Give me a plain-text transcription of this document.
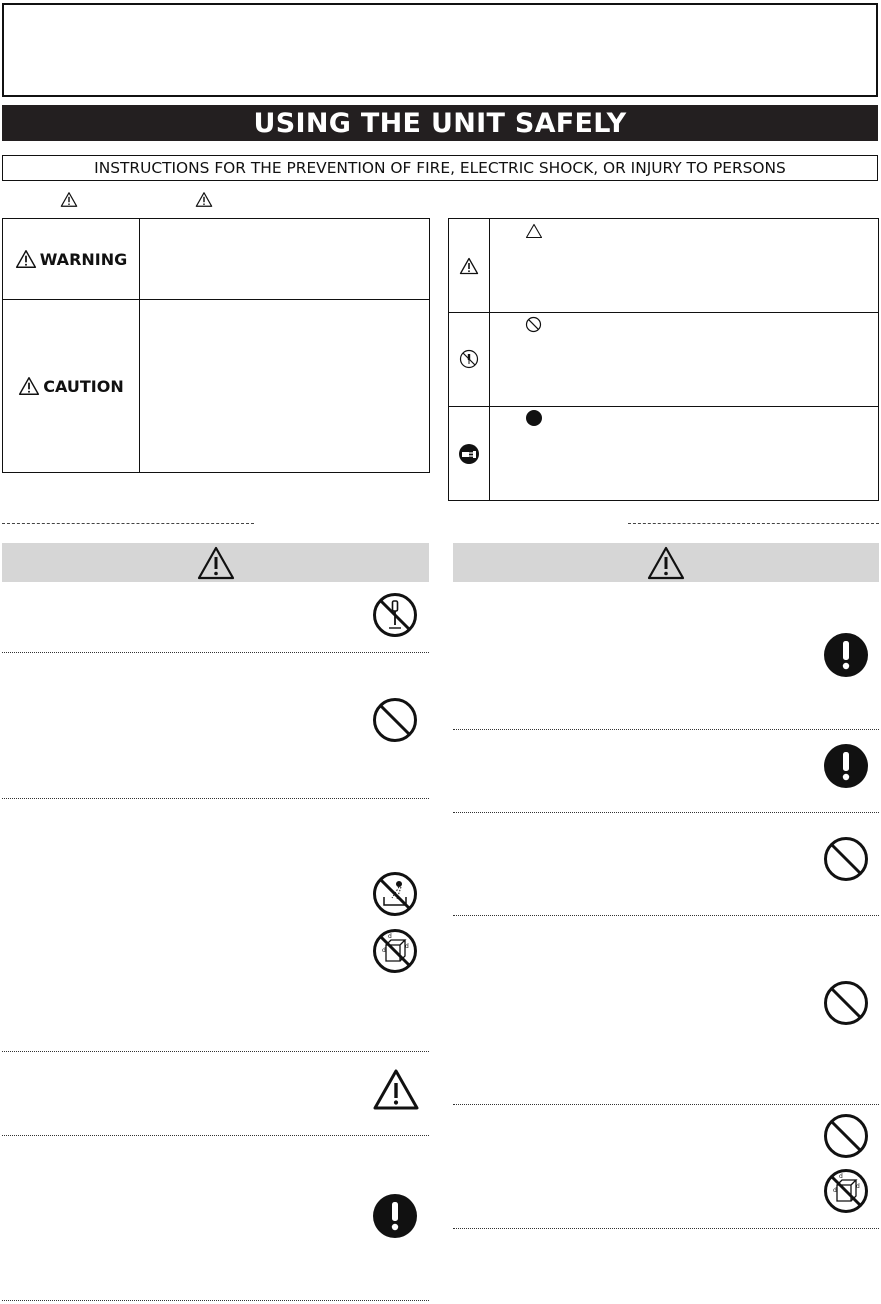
USING THE UNIT SAFELY
INSTRUCTIONS FOR THE PREVENTION OF FIRE, ELECTRIC SHOCK, OR INJURY TO PERSONS
WARNING
CAUTION
d
d
d
d
d
d
